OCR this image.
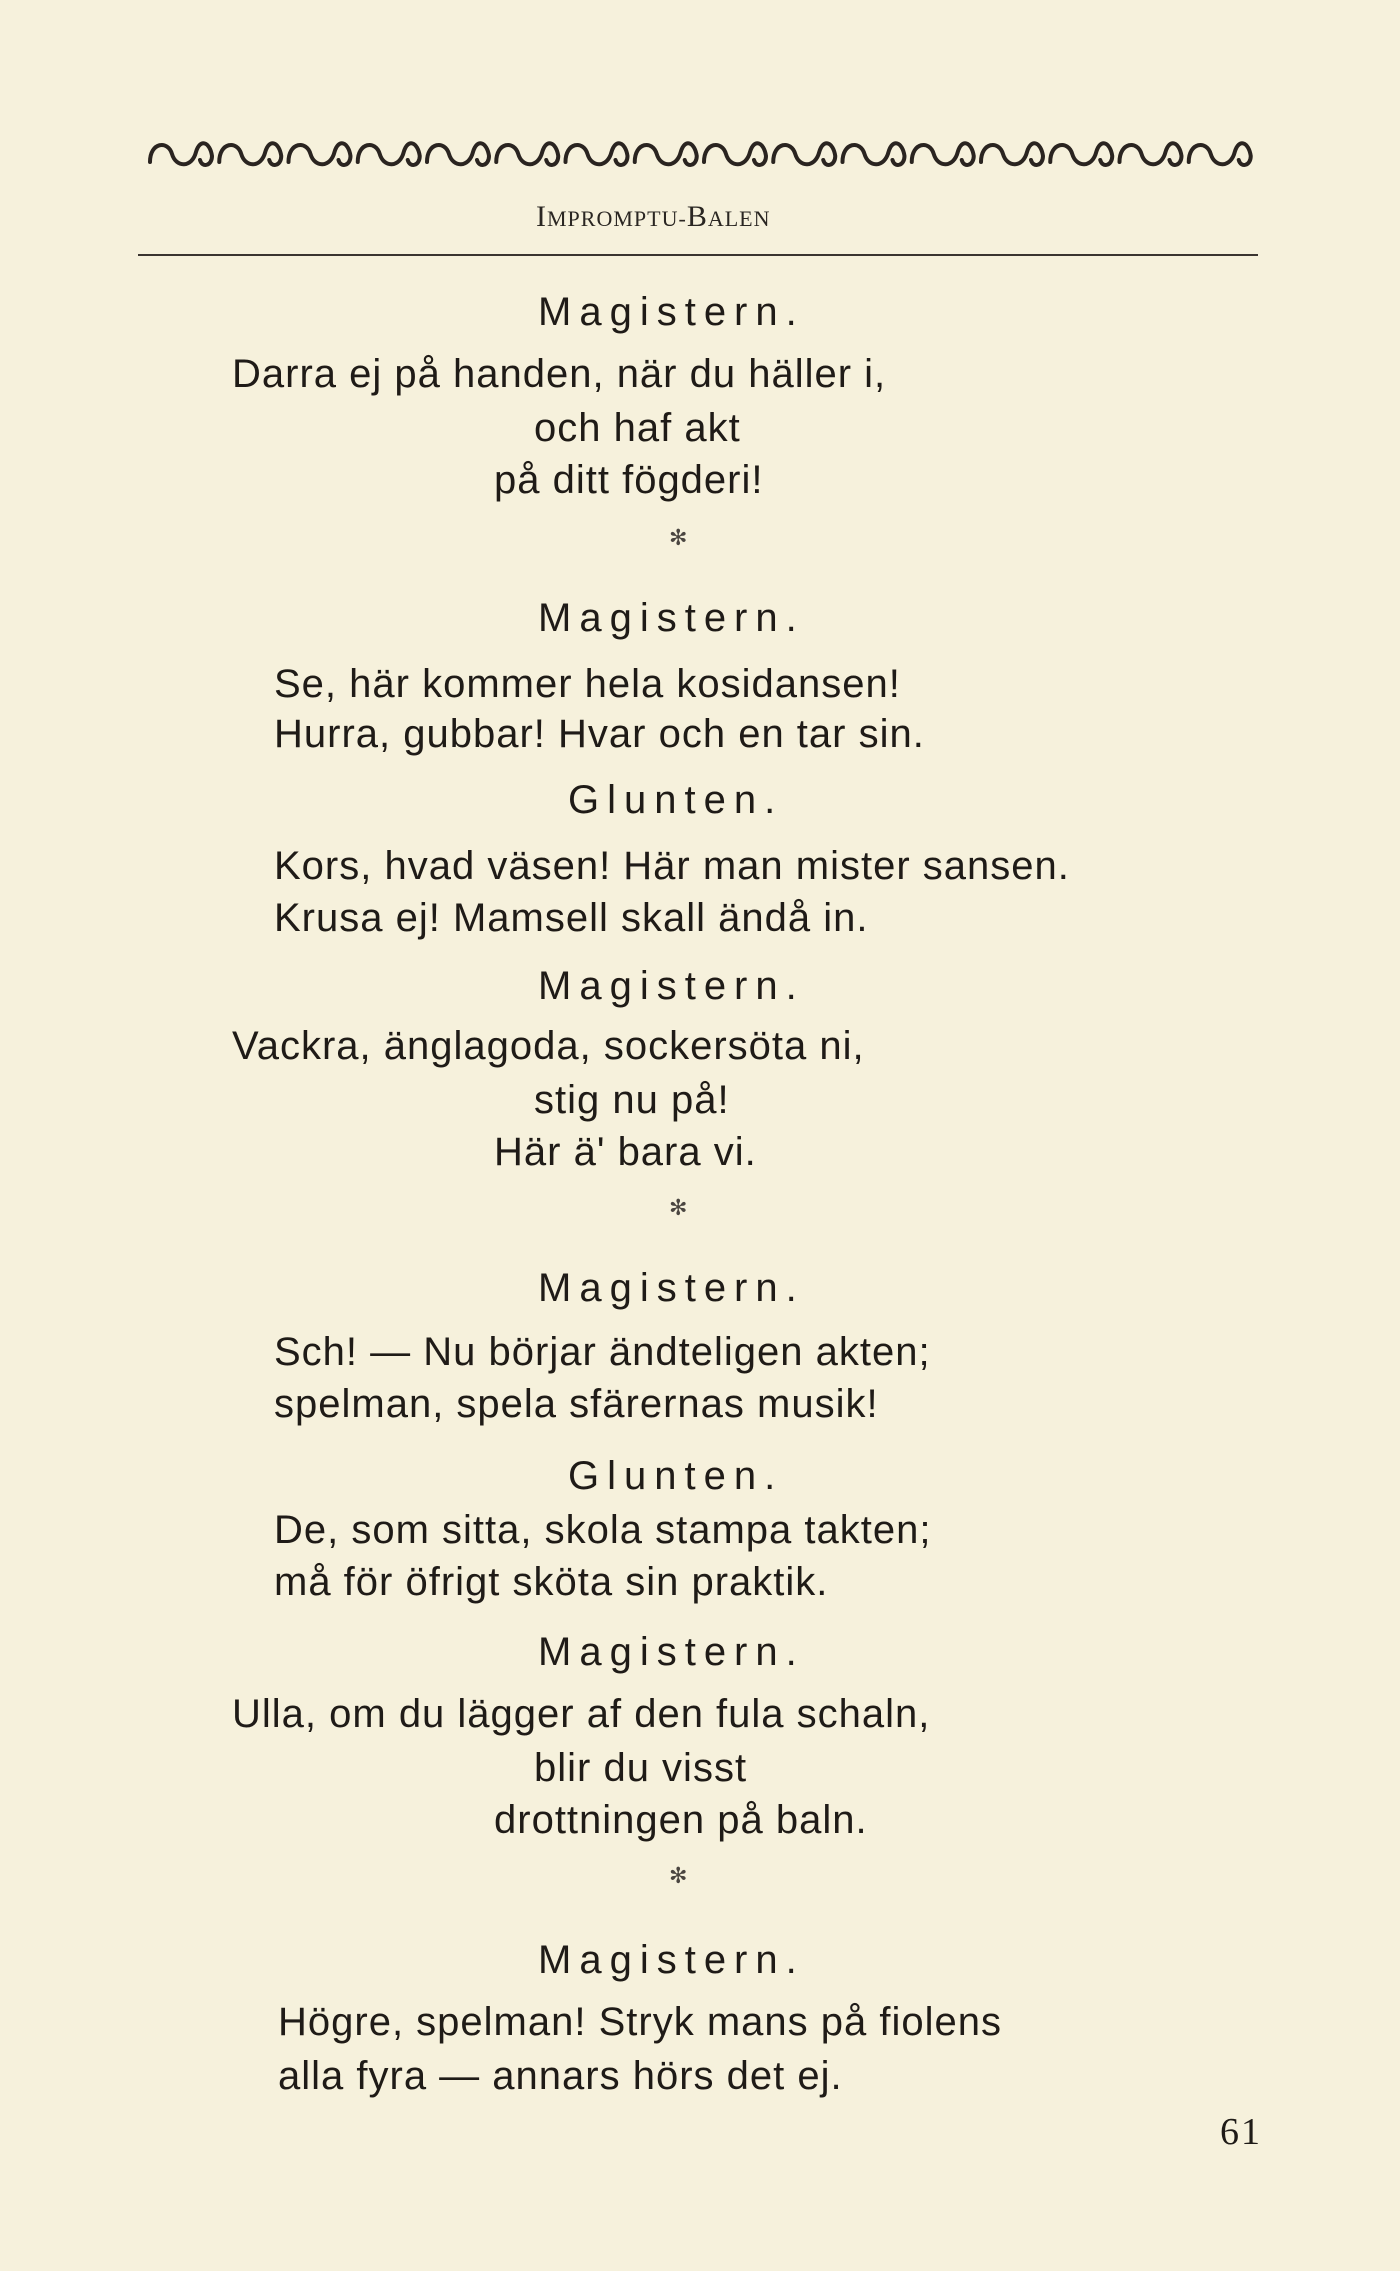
IMPROMPTU-BALEN
Magistern.
Darra ej på handen, när du häller i,
och haf akt
på ditt fögderi!
✻
Magistern.
Se, här kommer hela kosidansen!
Hurra, gubbar! Hvar och en tar sin.
Glunten.
Kors, hvad väsen! Här man mister sansen.
Krusa ej! Mamsell skall ändå in.
Magistern.
Vackra, änglagoda, sockersöta ni,
stig nu på!
Här ä' bara vi.
✻
Magistern.
Sch! — Nu börjar ändteligen akten;
spelman, spela sfärernas musik!
Glunten.
De, som sitta, skola stampa takten;
må för öfrigt sköta sin praktik.
Magistern.
Ulla, om du lägger af den fula schaln,
blir du visst
drottningen på baln.
✻
Magistern.
Högre, spelman! Stryk mans på fiolens
alla fyra — annars hörs det ej.
61
